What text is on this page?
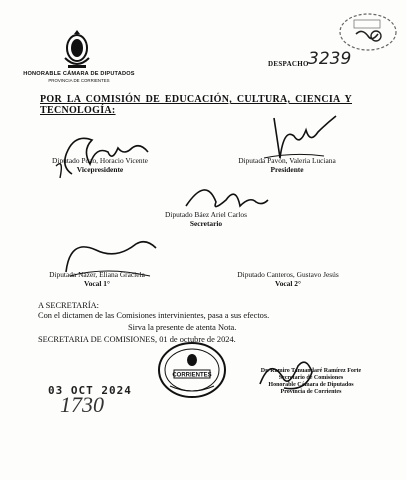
HONORABLE CÁMARA DE DIPUTADOS
PROVINCIA DE CORRIENTES
DESPACHO 3239
POR LA COMISIÓN DE EDUCACIÓN, CULTURA, CIENCIA Y TECNOLOGÍA:
Diputado Pozo, Horacio Vicente
Vicepresidente
Diputada Pavón, Valeria Luciana
Presidente
Diputado Báez Ariel Carlos
Secretario
Diputada Nazer, Eliana Graciela
Vocal 1°
Diputado Canteros, Gustavo Jesús
Vocal 2°
A SECRETARÍA:
Con el dictamen de las Comisiones intervinientes, pasa a sus efectos.
Sirva la presente de atenta Nota.
SECRETARIA DE COMISIONES, 01 de octubre de 2024.
CORRIENTES
Dr. Ramiro Tanuandaré Ramírez Forte
Secretario de Comisiones
Honorable Cámara de Diputados
Provincia de Corrientes
03 OCT 2024
1730
